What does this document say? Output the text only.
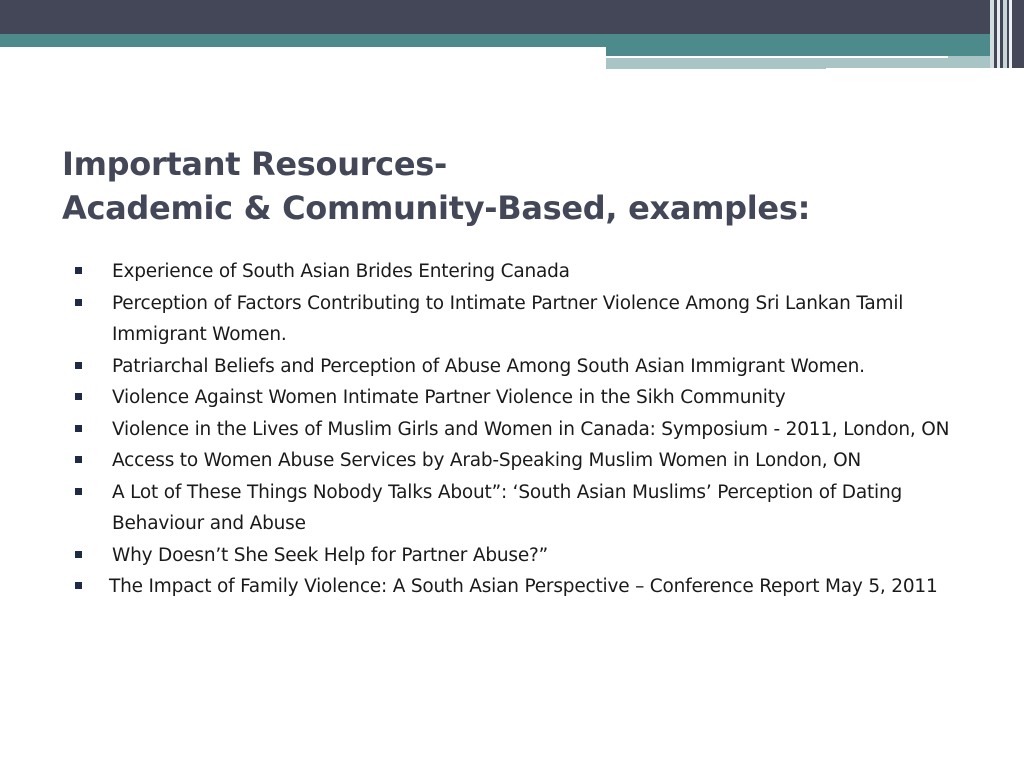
Important Resources-
Academic & Community-Based, examples:
Experience of South Asian Brides Entering Canada
Perception of Factors Contributing to Intimate Partner Violence Among Sri Lankan Tamil Immigrant Women.
Patriarchal Beliefs and Perception of Abuse Among South Asian Immigrant Women.
Violence Against Women Intimate Partner Violence in the Sikh Community
Violence in the Lives of Muslim Girls and Women in Canada: Symposium - 2011, London, ON
Access to Women Abuse Services by Arab-Speaking Muslim Women in London, ON
A Lot of These Things Nobody Talks About”: ‘South Asian Muslims’ Perception of Dating Behaviour and Abuse
Why Doesn’t She Seek Help for Partner Abuse?”
The Impact of Family Violence: A South Asian Perspective – Conference Report May 5, 2011
